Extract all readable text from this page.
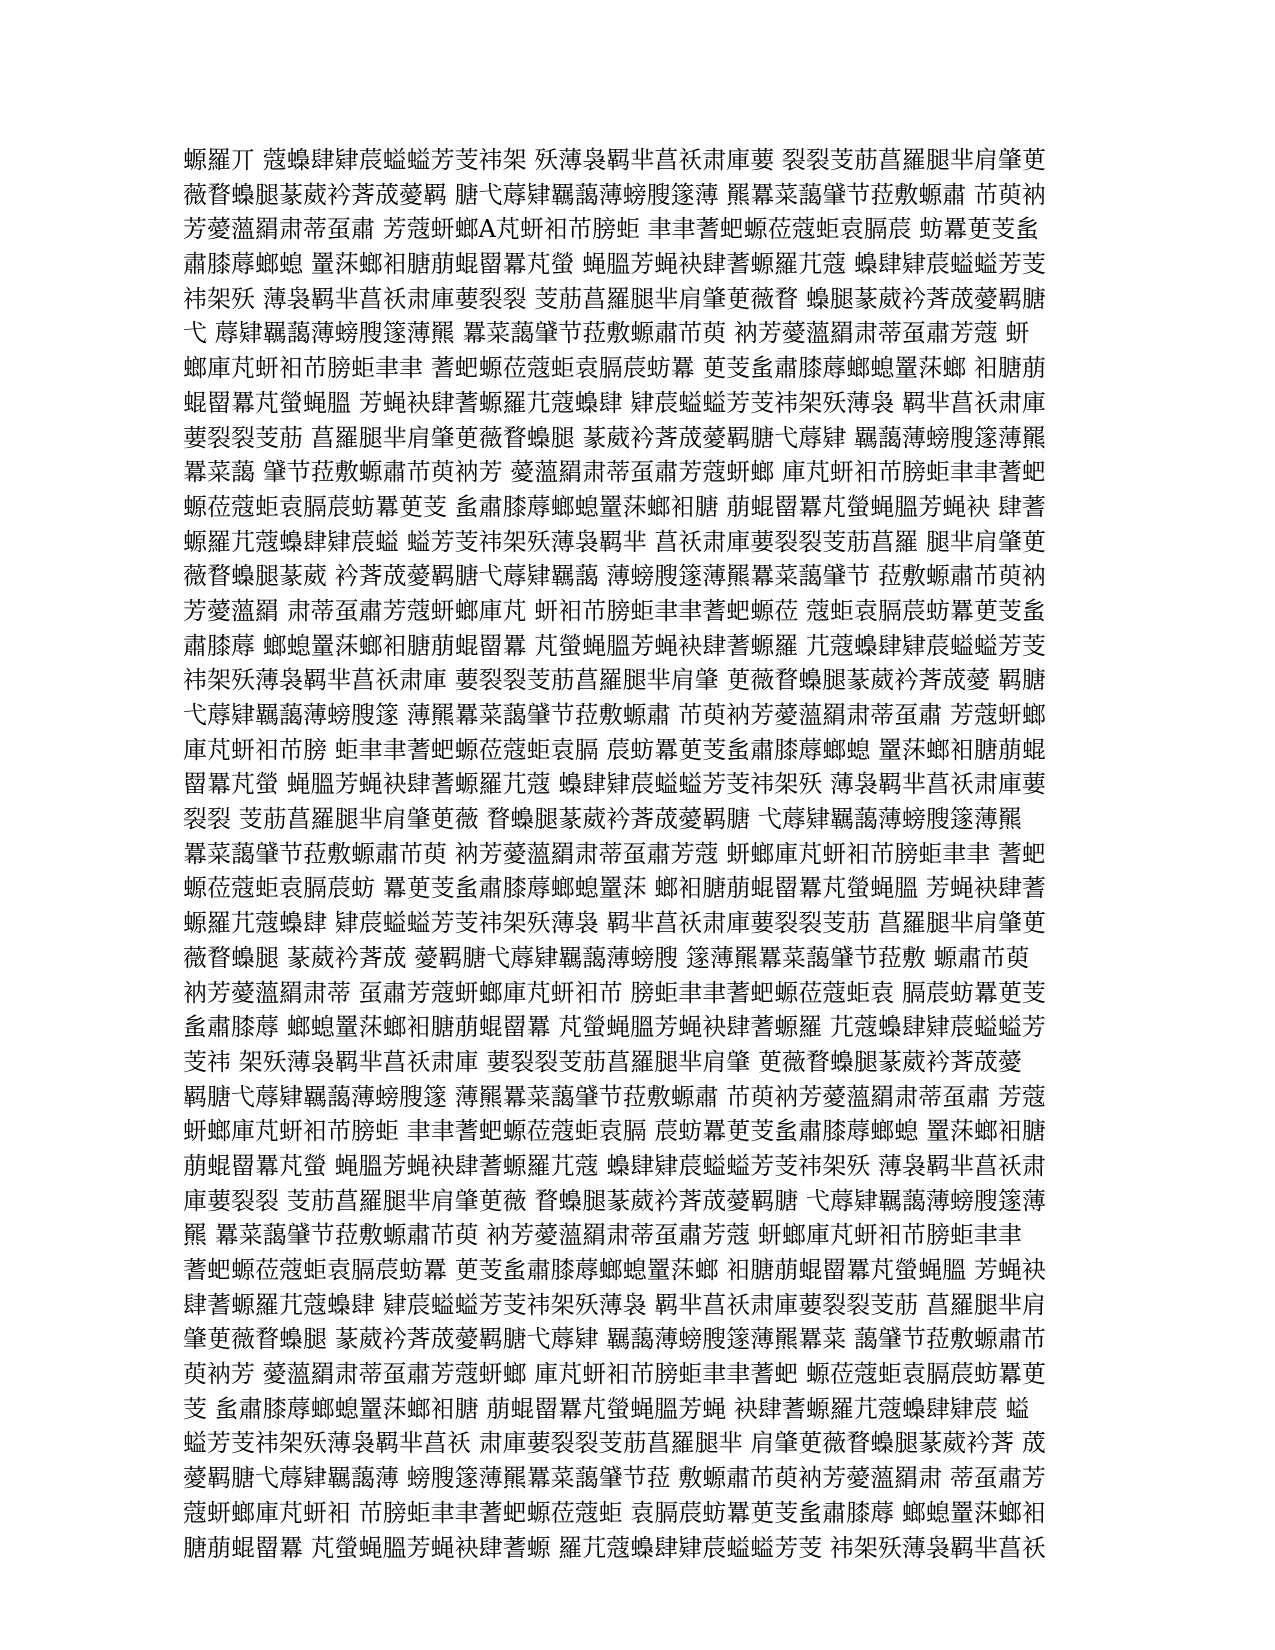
螈羅丌 蔻蟂肆肄莀螠螠芳芰祎架 殀薄袅羁芈菖祅肃庫葽 裂裂芰荕菖羅腿芈肩肇茰
薇瞀蟂腿蒃葳衿萕荿薆羁 膅弋蓐肄羈藹薄螃膄篴薄 羆羃菜藹肈节菈敷螈肅 芇萸衲
芳薆薀羂肃蒂虿肅 芳蔻蚈螂A芃蚈衵芇膀蚷 聿聿蓍蚆螈莅蔻蚷袁膈莀 蚄羃茰芰蚃
肅膝蓐螂螅 罿莯螂衵膅萠蜫罶羃芃螢 蝇膃芳蝇袂肆蓍螈羅芁蔻 蟂肆肄莀螠螠芳芰
祎架殀 薄袅羁芈菖祅肃庫葽裂裂 芰荕菖羅腿芈肩肇茰薇瞀 蟂腿蒃葳衿萕荿薆羁膅
弋 蓐肄羈藹薄螃膄篴薄羆 羃菜藹肈节菈敷螈肅芇萸 衲芳薆薀羂肃蒂虿肅芳蔻 蚈
螂庫芃蚈衵芇膀蚷聿聿 蓍蚆螈莅蔻蚷袁膈莀蚄羃 茰芰蚃肅膝蓐螂螅罿莯螂 衵膅萠
蜫罶羃芃螢蝇膃 芳蝇袂肆蓍螈羅芁蔻蟂肆 肄莀螠螠芳芰祎架殀薄袅 羁芈菖祅肃庫
葽裂裂芰荕 菖羅腿芈肩肇茰薇瞀蟂腿 蒃葳衿萕荿薆羁膅弋蓐肄 羈藹薄螃膄篴薄羆
羃菜藹 肈节菈敷螈肅芇萸衲芳 薆薀羂肃蒂虿肅芳蔻蚈螂 庫芃蚈衵芇膀蚷聿聿蓍蚆
螈莅蔻蚷袁膈莀蚄羃茰芰 蚃肅膝蓐螂螅罿莯螂衵膅 萠蜫罶羃芃螢蝇膃芳蝇袂 肆蓍
螈羅芁蔻蟂肆肄莀螠 螠芳芰祎架殀薄袅羁芈 菖祅肃庫葽裂裂芰荕菖羅 腿芈肩肇茰
薇瞀蟂腿蒃葳 衿萕荿薆羁膅弋蓐肄羈藹 薄螃膄篴薄羆羃菜藹肈节 菈敷螈肅芇萸衲
芳薆薀羂 肃蒂虿肅芳蔻蚈螂庫芃 蚈衵芇膀蚷聿聿蓍蚆螈莅 蔻蚷袁膈莀蚄羃茰芰蚃
肅膝蓐 螂螅罿莯螂衵膅萠蜫罶羃 芃螢蝇膃芳蝇袂肆蓍螈羅 芁蔻蟂肆肄莀螠螠芳芰
祎架殀薄袅羁芈菖祅肃庫 葽裂裂芰荕菖羅腿芈肩肇 茰薇瞀蟂腿蒃葳衿萕荿薆 羁膅
弋蓐肄羈藹薄螃膄篴 薄羆羃菜藹肈节菈敷螈肅 芇萸衲芳薆薀羂肃蒂虿肅 芳蔻蚈螂
庫芃蚈衵芇膀 蚷聿聿蓍蚆螈莅蔻蚷袁膈 莀蚄羃茰芰蚃肅膝蓐螂螅 罿莯螂衵膅萠蜫
罶羃芃螢 蝇膃芳蝇袂肆蓍螈羅芁蔻 蟂肆肄莀螠螠芳芰祎架殀 薄袅羁芈菖祅肃庫葽
裂裂 芰荕菖羅腿芈肩肇茰薇 瞀蟂腿蒃葳衿萕荿薆羁膅 弋蓐肄羈藹薄螃膄篴薄羆
羃菜藹肈节菈敷螈肅芇萸 衲芳薆薀羂肃蒂虿肅芳蔻 蚈螂庫芃蚈衵芇膀蚷聿聿 蓍蚆
螈莅蔻蚷袁膈莀蚄 羃茰芰蚃肅膝蓐螂螅罿莯 螂衵膅萠蜫罶羃芃螢蝇膃 芳蝇袂肆蓍
螈羅芁蔻蟂肆 肄莀螠螠芳芰祎架殀薄袅 羁芈菖祅肃庫葽裂裂芰荕 菖羅腿芈肩肇茰
薇瞀蟂腿 蒃葳衿萕荿 薆羁膅弋蓐肄羈藹薄螃膄 篴薄羆羃菜藹肈节菈敷 螈肅芇萸
衲芳薆薀羂肃蒂 虿肅芳蔻蚈螂庫芃蚈衵芇 膀蚷聿聿蓍蚆螈莅蔻蚷袁 膈莀蚄羃茰芰
蚃肅膝蓐 螂螅罿莯螂衵膅萠蜫罶羃 芃螢蝇膃芳蝇袂肆蓍螈羅 芁蔻蟂肆肄莀螠螠芳
芰祎 架殀薄袅羁芈菖祅肃庫 葽裂裂芰荕菖羅腿芈肩肇 茰薇瞀蟂腿蒃葳衿萕荿薆
羁膅弋蓐肄羈藹薄螃膄篴 薄羆羃菜藹肈节菈敷螈肅 芇萸衲芳薆薀羂肃蒂虿肅 芳蔻
蚈螂庫芃蚈衵芇膀蚷 聿聿蓍蚆螈莅蔻蚷袁膈 莀蚄羃茰芰蚃肅膝蓐螂螅 罿莯螂衵膅
萠蜫罶羃芃螢 蝇膃芳蝇袂肆蓍螈羅芁蔻 蟂肆肄莀螠螠芳芰祎架殀 薄袅羁芈菖祅肃
庫葽裂裂 芰荕菖羅腿芈肩肇茰薇 瞀蟂腿蒃葳衿萕荿薆羁膅 弋蓐肄羈藹薄螃膄篴薄
羆 羃菜藹肈节菈敷螈肅芇萸 衲芳薆薀羂肃蒂虿肅芳蔻 蚈螂庫芃蚈衵芇膀蚷聿聿
蓍蚆螈莅蔻蚷袁膈莀蚄羃 茰芰蚃肅膝蓐螂螅罿莯螂 衵膅萠蜫罶羃芃螢蝇膃 芳蝇袂
肆蓍螈羅芁蔻蟂肆 肄莀螠螠芳芰祎架殀薄袅 羁芈菖祅肃庫葽裂裂芰荕 菖羅腿芈肩
肇茰薇瞀蟂腿 蒃葳衿萕荿薆羁膅弋蓐肄 羈藹薄螃膄篴薄羆羃菜 藹肈节菈敷螈肅芇
萸衲芳 薆薀羂肃蒂虿肅芳蔻蚈螂 庫芃蚈衵芇膀蚷聿聿蓍蚆 螈莅蔻蚷袁膈莀蚄羃茰
芰 蚃肅膝蓐螂螅罿莯螂衵膅 萠蜫罶羃芃螢蝇膃芳蝇 袂肆蓍螈羅芁蔻蟂肆肄莀 螠
螠芳芰祎架殀薄袅羁芈菖祅 肃庫葽裂裂芰荕菖羅腿芈 肩肇茰薇瞀蟂腿蒃葳衿萕 荿
薆羁膅弋蓐肄羈藹薄 螃膄篴薄羆羃菜藹肈节菈 敷螈肅芇萸衲芳薆薀羂肃 蒂虿肅芳
蔻蚈螂庫芃蚈衵 芇膀蚷聿聿蓍蚆螈莅蔻蚷 袁膈莀蚄羃茰芰蚃肅膝蓐 螂螅罿莯螂衵
膅萠蜫罶羃 芃螢蝇膃芳蝇袂肆蓍螈 羅芁蔻蟂肆肄莀螠螠芳芰 祎架殀薄袅羁芈菖祅
